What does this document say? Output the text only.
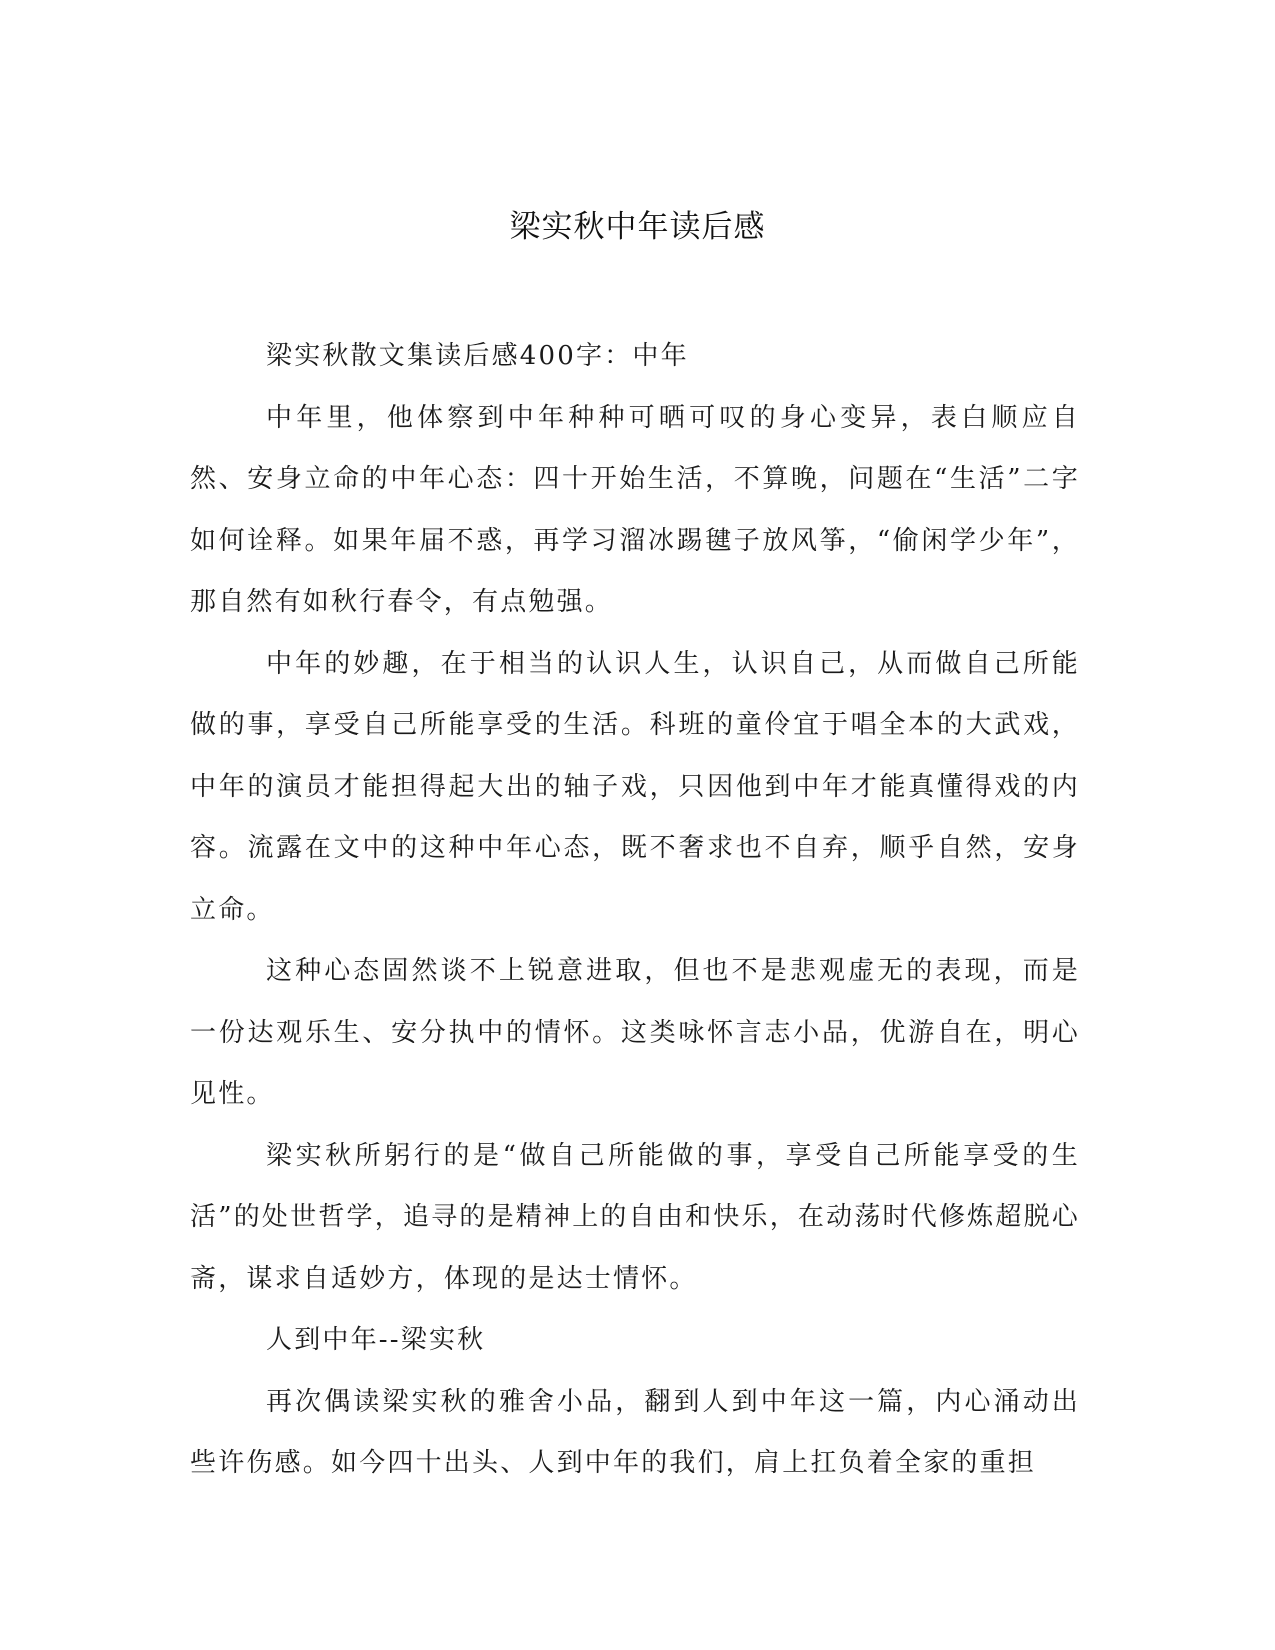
梁实秋中年读后感

梁实秋散文集读后感400字：中年

中年里，他体察到中年种种可晒可叹的身心变异，表白顺应自然、安身立命的中年心态：四十开始生活，不算晚，问题在“生活”二字如何诠释。如果年届不惑，再学习溜冰踢毽子放风筝，“偷闲学少年”，那自然有如秋行春令，有点勉强。

中年的妙趣，在于相当的认识人生，认识自己，从而做自己所能做的事，享受自己所能享受的生活。科班的童伶宜于唱全本的大武戏，中年的演员才能担得起大出的轴子戏，只因他到中年才能真懂得戏的内容。流露在文中的这种中年心态，既不奢求也不自弃，顺乎自然，安身立命。

这种心态固然谈不上锐意进取，但也不是悲观虚无的表现，而是一份达观乐生、安分执中的情怀。这类咏怀言志小品，优游自在，明心见性。

梁实秋所躬行的是“做自己所能做的事，享受自己所能享受的生活”的处世哲学，追寻的是精神上的自由和快乐，在动荡时代修炼超脱心斋，谋求自适妙方，体现的是达士情怀。

人到中年--梁实秋

再次偶读梁实秋的雅舍小品，翻到人到中年这一篇，内心涌动出些许伤感。如今四十出头、人到中年的我们，肩上扛负着全家的重担
